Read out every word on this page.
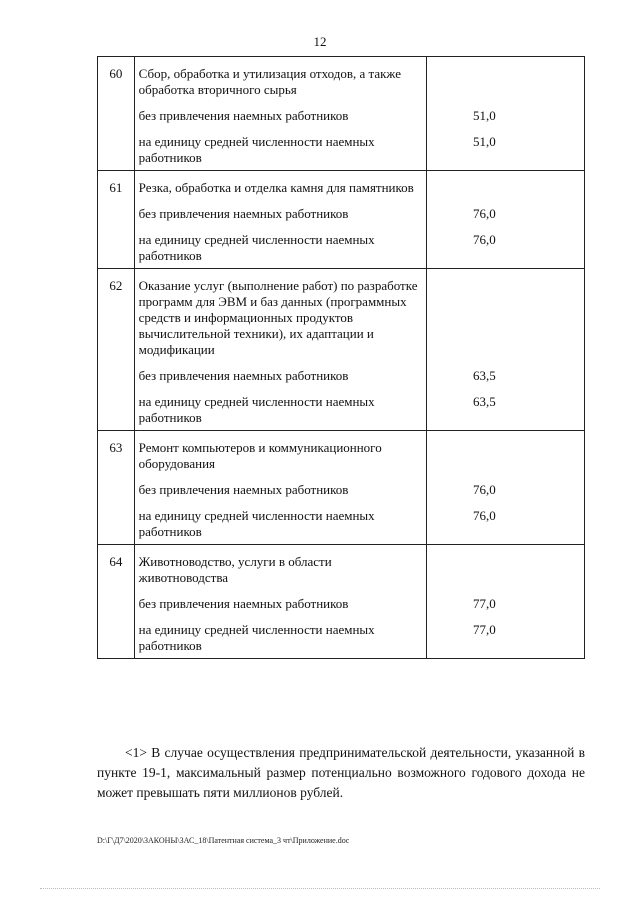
12
60	Сбор, обработка и утилизация отходов, а также обработка вторичного сырья	
	без привлечения наемных работников	51,0
	на единицу средней численности наемных работников	51,0
61	Резка, обработка и отделка камня для памятников	
	без привлечения наемных работников	76,0
	на единицу средней численности наемных работников	76,0
62	Оказание услуг (выполнение работ) по разработке программ для ЭВМ и баз данных (программных средств и информационных продуктов вычислительной техники), их адаптации и модификации	
	без привлечения наемных работников	63,5
	на единицу средней численности наемных работников	63,5
63	Ремонт компьютеров и коммуникационного оборудования	
	без привлечения наемных работников	76,0
	на единицу средней численности наемных работников	76,0
64	Животноводство, услуги в области животноводства	
	без привлечения наемных работников	77,0
	на единицу средней численности наемных работников	77,0
<1> В случае осуществления предпринимательской деятельности, указанной в пункте 19-1, максимальный размер потенциально возможного годового дохода не может превышать пяти миллионов рублей.
D:\Г\Д7\2020\ЗАКОНЫ\ЗАС_18\Патентная система_3 чт\Приложение.doc
